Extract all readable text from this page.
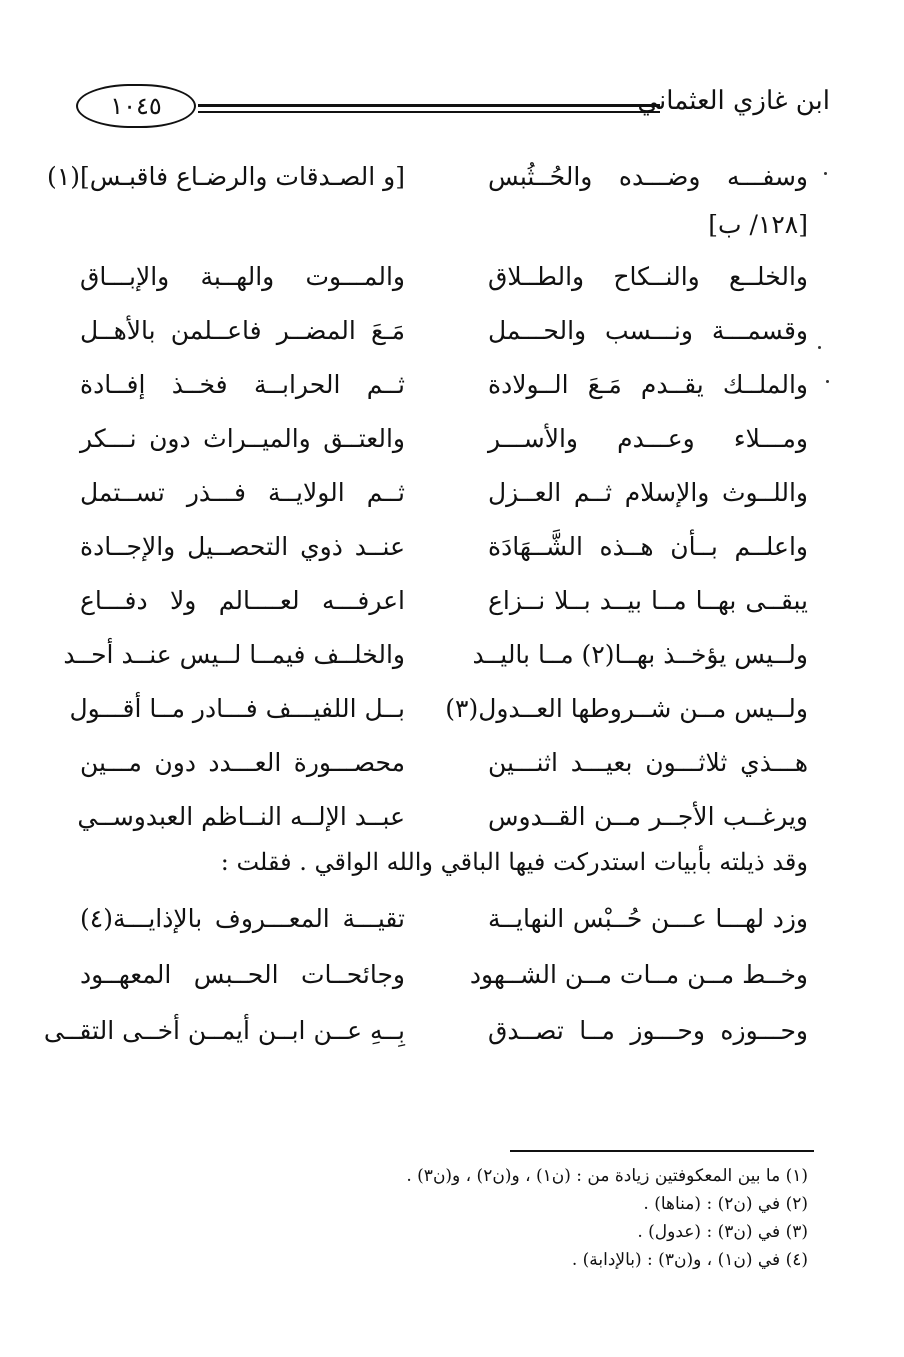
١٠٤٥	ابن غازي العثماني
وسفـــه وضـــده والحُــثُبس
[و الصـدقات والرضـاع فاقبـس](١)
[١٢٨/ ب]
والخلــع والنــكاح والطــلاق
والمـــوت والهــبة والإبـــاق
وقسمـــة ونـــسب والحـــمل
مَـعَ المضــر فاعــلمن بالأهــل
والملــك يقــدم مَـعَ الــولادة
ثــم الحرابــة فخــذ إفــادة
ومـــلاء وعـــدم والأســـر
والعتــق والميــراث دون نـــكر
واللــوث والإسلام ثــم العــزل
ثــم الولايــة فـــذر تســتمل
واعلــم بــأن هــذه الشَّــهَادَة
عنــد ذوي التحصــيل والإجــادة
يبقــى بهــا مــا بيــد بــلا نــزاع
اعرفـــه لعــــالم ولا دفـــاع
ولــيس يؤخــذ بهــا(٢) مــا باليــد
والخلــف فيمــا لــيس عنــد أحــد
ولــيس مــن شــروطها العــدول(٣)
بــل اللفيـــف فـــادر مــا أقـــول
هـــذي ثلاثـــون بعيـــد اثنـــين
محصـــورة العـــدد دون مـــين
ويرغــب الأجــر مــن القــدوس
عبــد الإلــه النــاظم العبدوســي
وقد ذيلته بأبيات استدركت فيها الباقي والله الواقي . فقلت :
وزد لهـــا عـــن حُــبْس النهايــة
تقيـــة المعـــروف بالإذايـــة(٤)
وخــط مــن مــات مــن الشــهود
وجائحــات الحــبس المعهــود
وحـــوزه وحـــوز مــا تصــدق
بِــهِ عــن ابــن أيمــن أخــى التقــى
(١) ما بين المعكوفتين زيادة من : (ن١) ، و(ن٢) ، و(ن٣) .
(٢) في (ن٢) : (مناها) .
(٣) في (ن٣) : (عدول) .
(٤) في (ن١) ، و(ن٣) : (بالإدابة) .
